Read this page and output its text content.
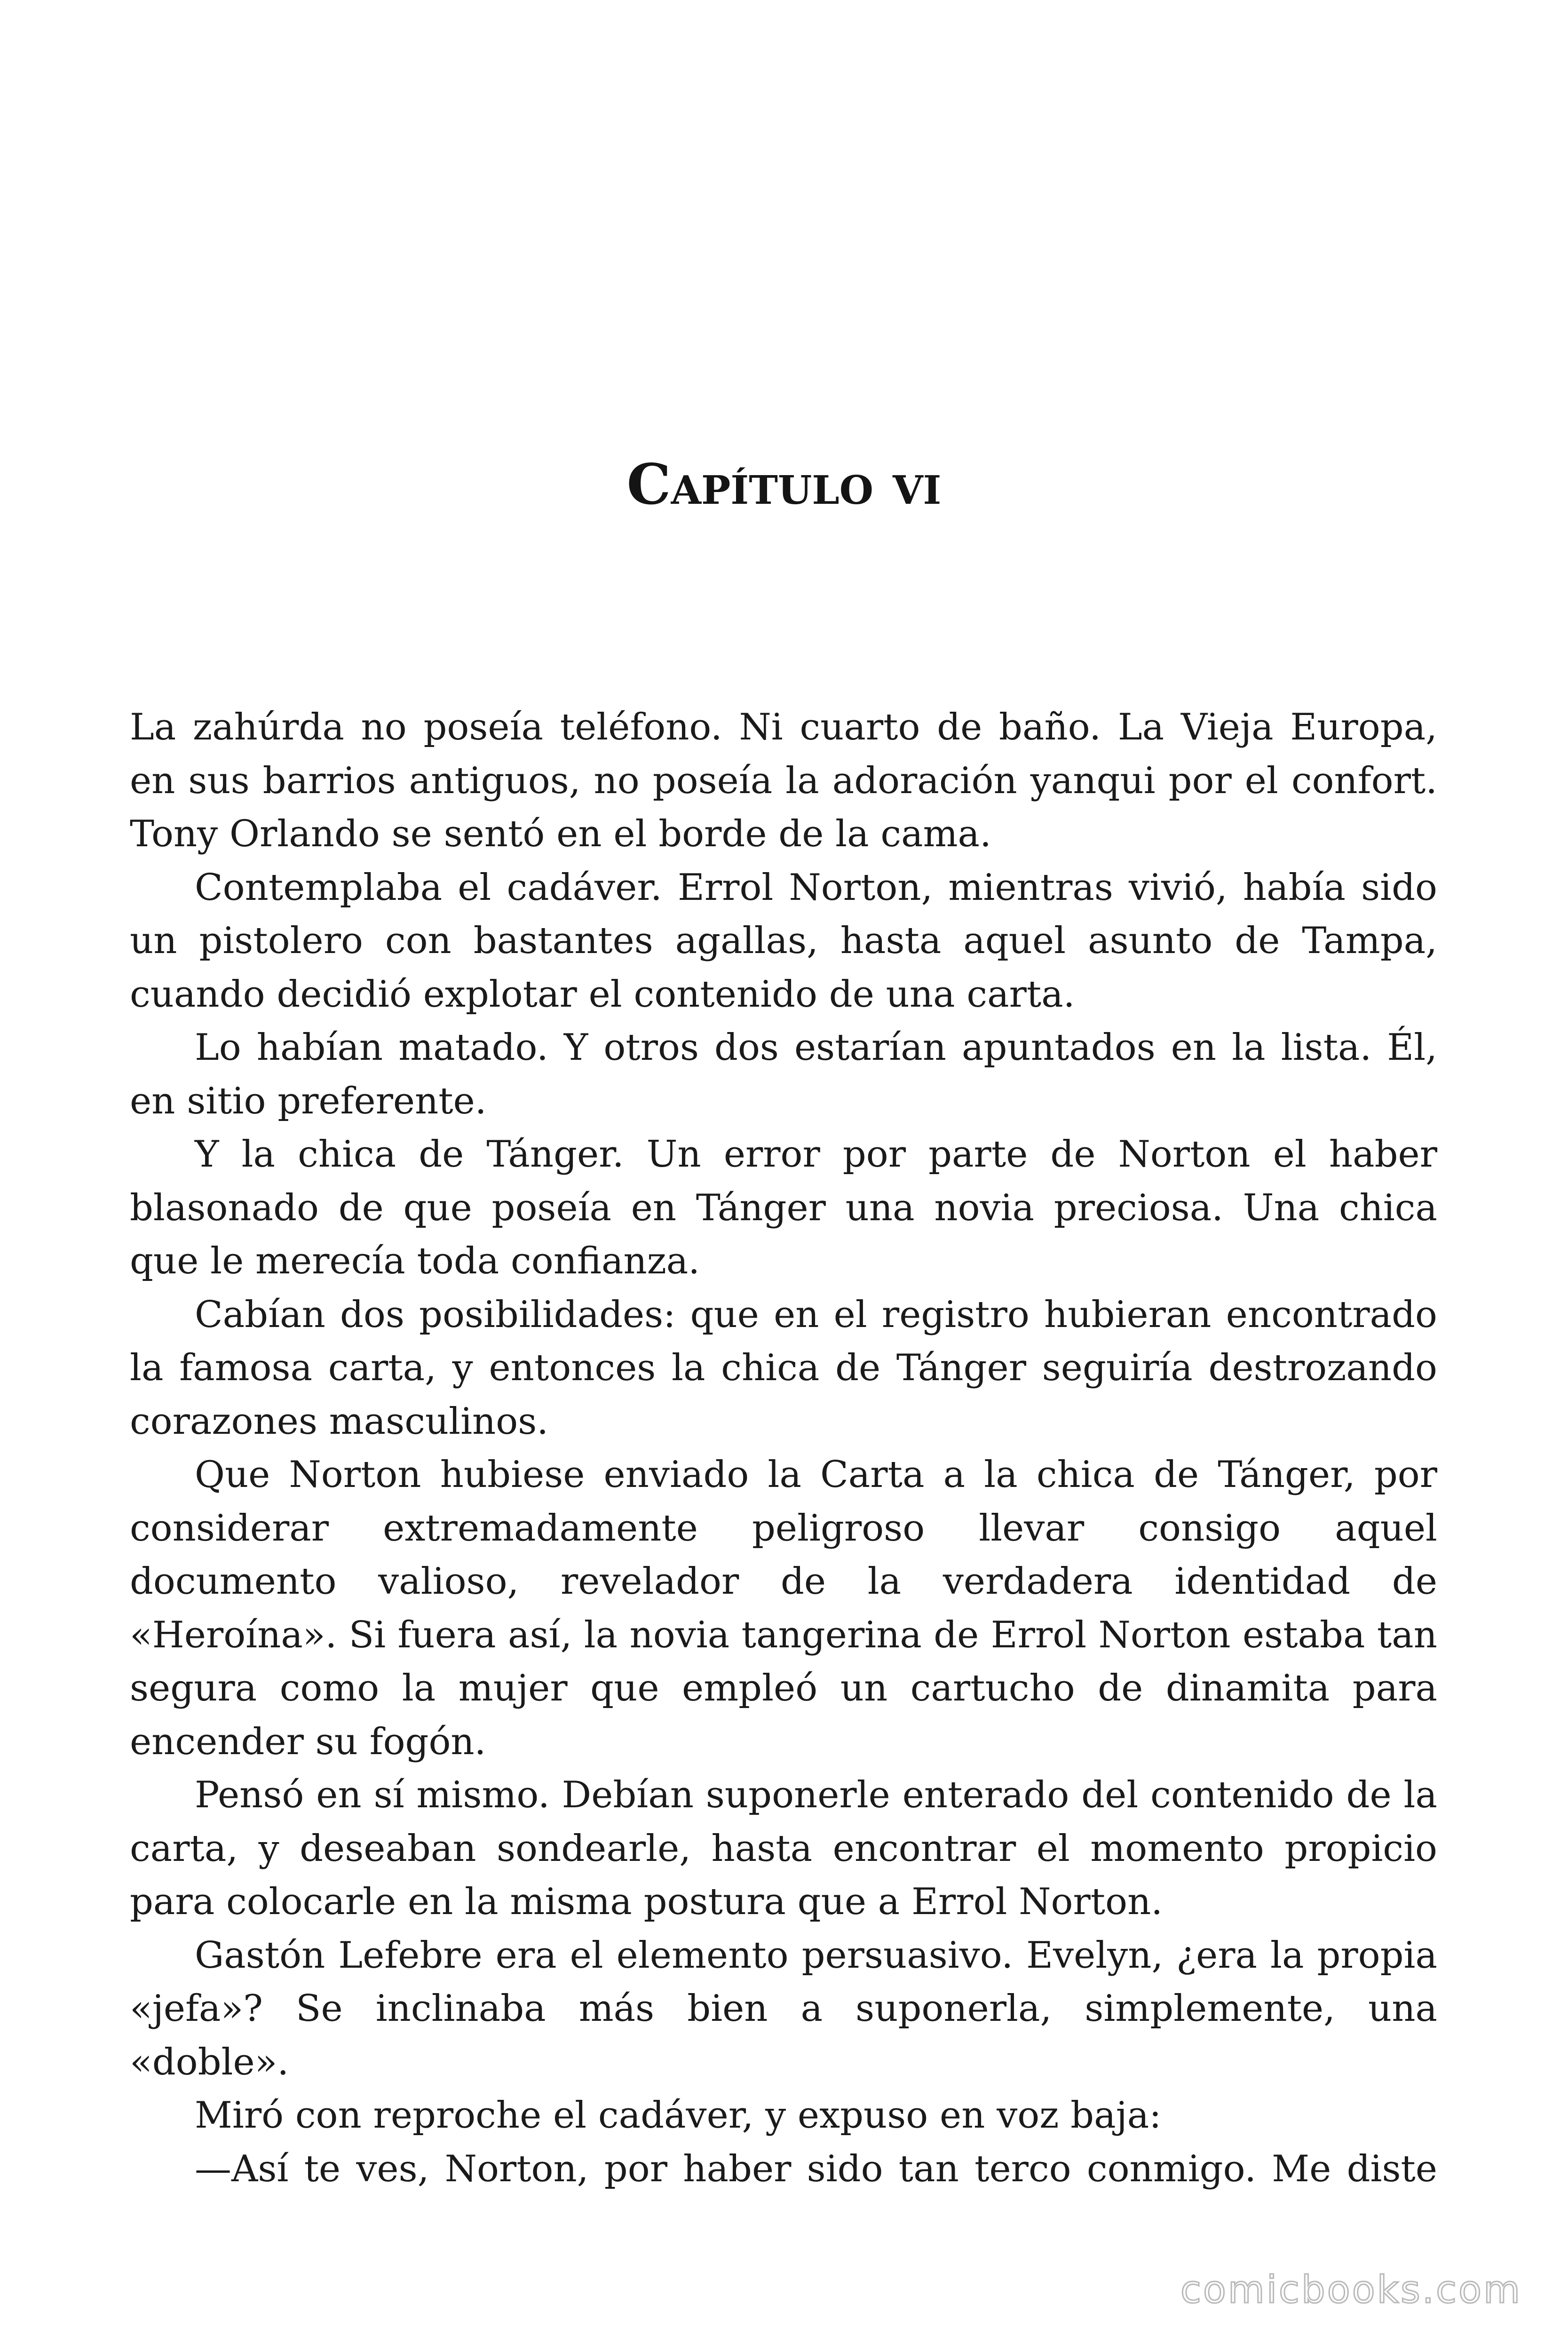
Capítulo vi

La zahúrda no poseía teléfono. Ni cuarto de baño. La Vieja Europa, en sus barrios antiguos, no poseía la adoración yanqui por el confort. Tony Orlando se sentó en el borde de la cama.

Contemplaba el cadáver. Errol Norton, mientras vivió, había sido un pistolero con bastantes agallas, hasta aquel asunto de Tampa, cuando decidió explotar el contenido de una carta.

Lo habían matado. Y otros dos estarían apuntados en la lista. Él, en sitio preferente.

Y la chica de Tánger. Un error por parte de Norton el haber blasonado de que poseía en Tánger una novia preciosa. Una chica que le merecía toda confianza.

Cabían dos posibilidades: que en el registro hubieran encontrado la famosa carta, y entonces la chica de Tánger seguiría destrozando corazones masculinos.

Que Norton hubiese enviado la Carta a la chica de Tánger, por considerar extremadamente peligroso llevar consigo aquel documento valioso, revelador de la verdadera identidad de «Heroína». Si fuera así, la novia tangerina de Errol Norton estaba tan segura como la mujer que empleó un cartucho de dinamita para encender su fogón.

Pensó en sí mismo. Debían suponerle enterado del contenido de la carta, y deseaban sondearle, hasta encontrar el momento propicio para colocarle en la misma postura que a Errol Norton.

Gastón Lefebre era el elemento persuasivo. Evelyn, ¿era la propia «jefa»? Se inclinaba más bien a suponerla, simplemente, una «doble».

Miró con reproche el cadáver, y expuso en voz baja:

—Así te ves, Norton, por haber sido tan terco conmigo. Me diste

comicbooks.com
